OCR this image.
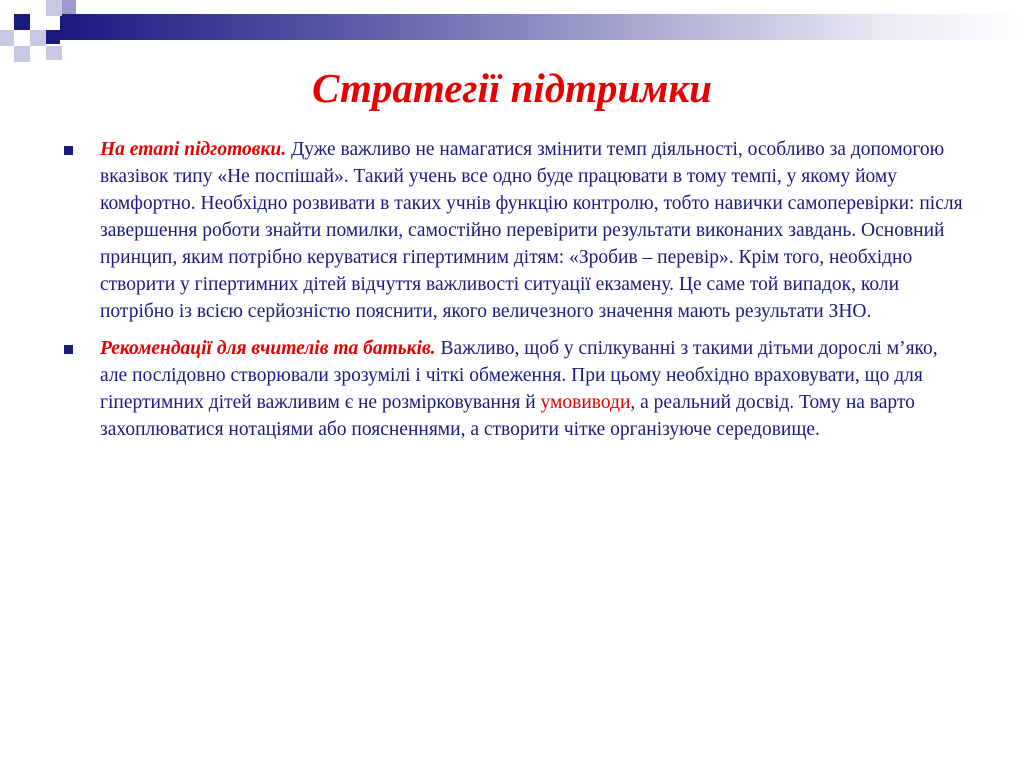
Стратегії підтримки
На етапі підготовки. Дуже важливо не намагатися змінити темп діяльності, особливо за допомогою вказівок типу «Не поспішай». Такий учень все одно буде працювати в тому темпі, у якому йому комфортно. Необхідно розвивати в таких учнів функцію контролю, тобто навички самоперевірки: після завершення роботи знайти помилки, самостійно перевірити результати виконаних завдань. Основний принцип, яким потрібно керуватися гіпертимним дітям: «Зробив – перевір». Крім того, необхідно створити у гіпертимних дітей відчуття важливості ситуації екзамену. Це саме той випадок, коли потрібно із всією серйозністю пояснити, якого величезного значення мають результати ЗНО.
Рекомендації для вчителів та батьків. Важливо, щоб у спілкуванні з такими дітьми дорослі м’яко, але послідовно створювали зрозумілі і чіткі обмеження. При цьому необхідно враховувати, що для гіпертимних дітей важливим є не розмірковування й умовиводи, а реальний досвід. Тому на варто захоплюватися нотаціями або поясненнями, а створити чітке організуюче середовище.
